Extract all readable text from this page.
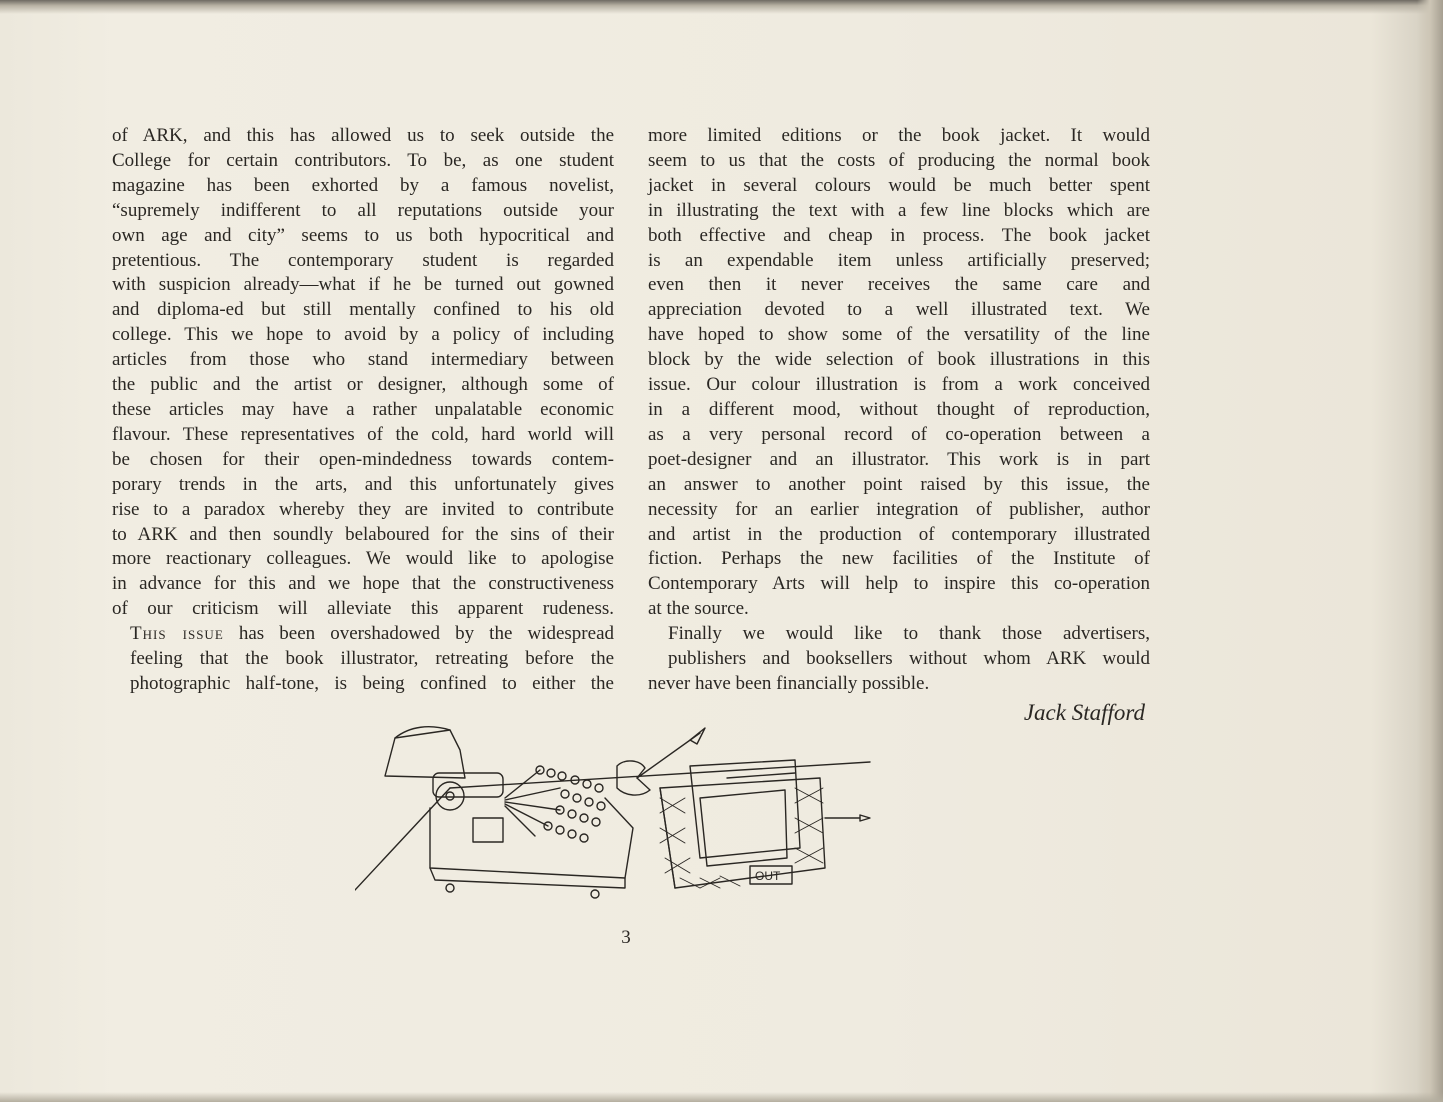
of ARK, and this has allowed us to seek outside the
College for certain contributors. To be, as one student
magazine has been exhorted by a famous novelist,
“supremely indifferent to all reputations outside your
own age and city” seems to us both hypocritical and
pretentious. The contemporary student is regarded
with suspicion already—what if he be turned out gowned
and diploma-ed but still mentally confined to his old
college. This we hope to avoid by a policy of including
articles from those who stand intermediary between
the public and the artist or designer, although some of
these articles may have a rather unpalatable economic
flavour. These representatives of the cold, hard world will
be chosen for their open-mindedness towards contem-
porary trends in the arts, and this unfortunately gives
rise to a paradox whereby they are invited to contribute
to ARK and then soundly belaboured for the sins of their
more reactionary colleagues. We would like to apologise
in advance for this and we hope that the constructiveness
of our criticism will alleviate this apparent rudeness.

This issue has been overshadowed by the widespread
feeling that the book illustrator, retreating before the
photographic half-tone, is being confined to either the

more limited editions or the book jacket. It would
seem to us that the costs of producing the normal book
jacket in several colours would be much better spent
in illustrating the text with a few line blocks which are
both effective and cheap in process. The book jacket
is an expendable item unless artificially preserved;
even then it never receives the same care and
appreciation devoted to a well illustrated text. We
have hoped to show some of the versatility of the line
block by the wide selection of book illustrations in this
issue. Our colour illustration is from a work conceived
in a different mood, without thought of reproduction,
as a very personal record of co-operation between a
poet-designer and an illustrator. This work is in part
an answer to another point raised by this issue, the
necessity for an earlier integration of publisher, author
and artist in the production of contemporary illustrated
fiction. Perhaps the new facilities of the Institute of
Contemporary Arts will help to inspire this co-operation

at the source.

Finally we would like to thank those advertisers,
publishers and booksellers without whom ARK would

never have been financially possible.

Jack Stafford
OUT
3
